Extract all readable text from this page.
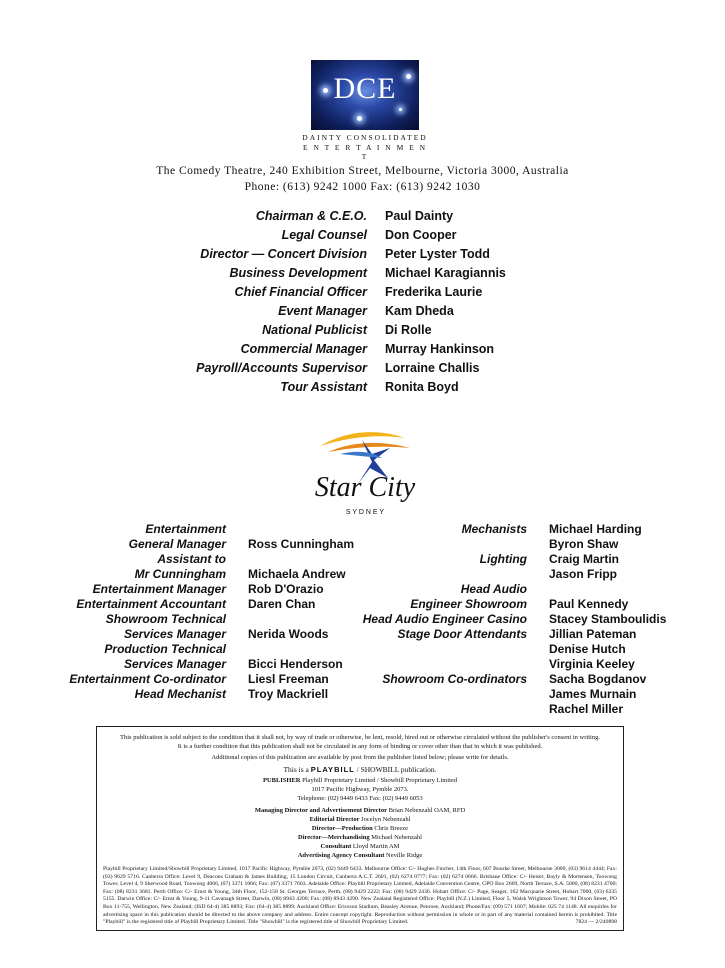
DCE
DAINTY CONSOLIDATED
E N T E R T A I N M E N T
The Comedy Theatre, 240 Exhibition Street, Melbourne, Victoria 3000, Australia
Phone: (613) 9242 1000 Fax: (613) 9242 1030
Chairman & C.E.O. Paul Dainty
Legal Counsel Don Cooper
Director — Concert Division Peter Lyster Todd
Business Development Michael Karagiannis
Chief Financial Officer Frederika Laurie
Event Manager Kam Dheda
National Publicist Di Rolle
Commercial Manager Murray Hankinson
Payroll/Accounts Supervisor Lorraine Challis
Tour Assistant Ronita Boyd
Star City
S Y D N E Y
Entertainment
General Manager
Assistant to
Mr Cunningham
Entertainment Manager
Entertainment Accountant
Showroom Technical
Services Manager
Production Technical
Services Manager
Entertainment Co-ordinator
Head Mechanist
Ross Cunningham
Michaela Andrew
Rob D'Orazio
Daren Chan
Nerida Woods
Bicci Henderson
Liesl Freeman
Troy Mackriell
Mechanists
Lighting
Head Audio
Engineer Showroom
Head Audio Engineer Casino
Stage Door Attendants
Showroom Co-ordinators
Michael Harding
Byron Shaw
Craig Martin
Jason Fripp
Paul Kennedy
Stacey Stamboulidis
Jillian Pateman
Denise Hutch
Virginia Keeley
Sacha Bogdanov
James Murnain
Rachel Miller
This publication is sold subject to the condition that it shall not, by way of trade or otherwise, be lent, resold, hired out or otherwise circulated without the publisher's consent in writing.
It is a further condition that this publication shall not be circulated in any form of binding or cover other than that in which it was published.
Additional copies of this publication are available by post from the publisher listed below; please write for details.
This is a PLAYBILL / SHOWBILL publication.
PUBLISHER Playbill Proprietary Limited / Showbill Proprietary Limited
1017 Pacific Highway, Pymble 2073.
Telephone: (02) 9449 6433 Fax: (02) 9449 6053
Managing Director and Advertisement Director Brian Nebenzahl OAM, RFD
Editorial Director Jocelyn Nebenzahl
Director—Production Chris Breeze
Director—Merchandising Michael Nebenzahl
Consultant Lloyd Martin AM
Advertising Agency Consultant Neville Ridge
Playbill Proprietary Limited/Showbill Proprietary Limited, 1017 Pacific Highway, Pymble 2073, (02) 9449 6433. Melbourne Office: C/- Hughes Fincher, 14th Floor, 607 Bourke Street, Melbourne 3000, (03) 9614 4444; Fax: (03) 9629 5716. Canberra Office: Level 9, Deacons Graham & James Building, 15 London Circuit, Canberra A.C.T. 2601, (02) 6274 0777; Fax: (02) 6274 0666. Brisbane Office: C/- Heiser, Bayly & Mortensen, Toowong Tower, Level 4, 9 Sherwood Road, Toowong 4066, (07) 3371 1066; Fax: (07) 3371 7603. Adelaide Office: Playbill Proprietary Limited, Adelaide Convention Centre, GPO Box 2669, North Terrace, S.A. 5000, (08) 8231 4700; Fax: (08) 8231 3681. Perth Office: C/- Ernst & Young, 34th Floor, 152-158 St. Georges Terrace, Perth, (08) 9429 2222; Fax: (08) 9429 2436. Hobart Office: C/- Page, Seager, 162 Macquarie Street, Hobart 7000, (03) 6235 5155. Darwin Office: C/- Ernst & Young, 9-11 Cavanagh Street, Darwin, (08) 8943 4200; Fax: (08) 8943 4290. New Zealand Registered Office: Playbill (N.Z.) Limited, Floor 5, Walsh Wrightson Tower, 94 Dixon Street, PO Box 11-755, Wellington, New Zealand; (ISD 64-4) 385 8893; Fax: (64-4) 385 8899. Auckland Office: Ericsson Stadium, Beasley Avenue, Penrose, Auckland; Phone/Fax: (09) 571 1607; Mobile: 025 74 1148. All enquiries for advertising space in this publication should be directed to the above company and address. Entire concept copyright. Reproduction without permission in whole or in part of any material contained herein is prohibited. Title "Playbill" is the registered title of Playbill Proprietary Limited. Title "Showbill" is the registered title of Showbill Proprietary Limited.	7824 — 2/240898
